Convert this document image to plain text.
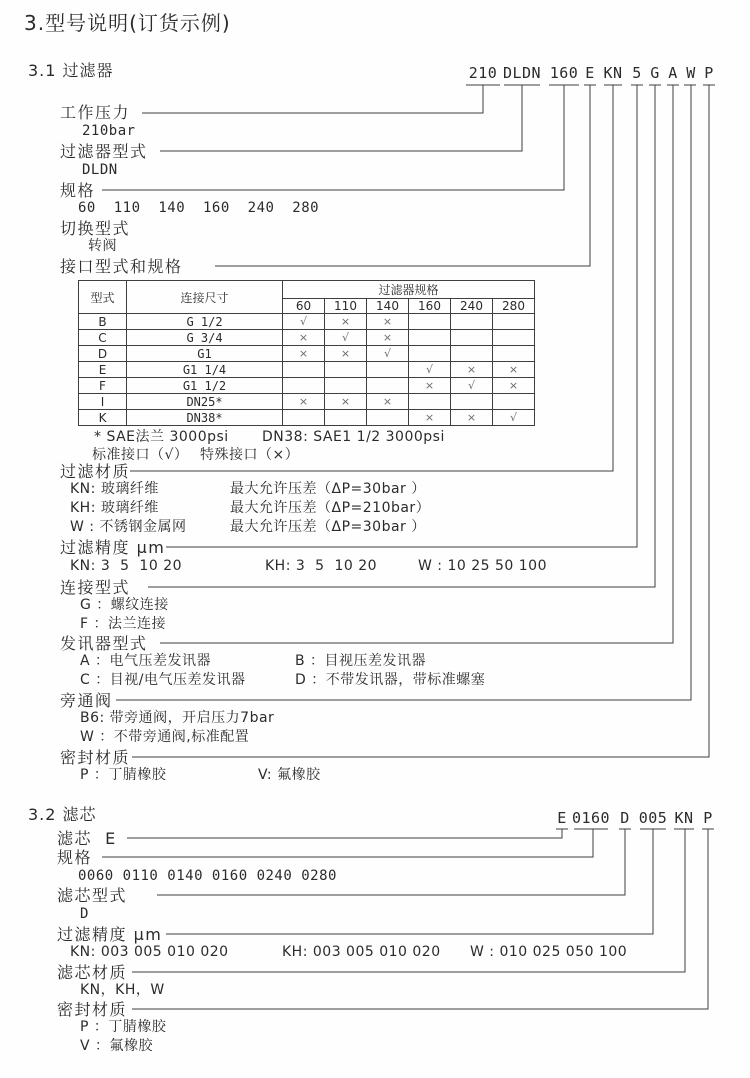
3.型号说明(订货示例)
3.1 过滤器	210 DLDN 160 E KN 5 G A W P
工作压力
210bar
过滤器型式
DLDN
规格
60  110  140  160  240  280
切换型式
转阀
接口型式和规格
型式	连接尺寸	过滤器规格					
		60	110	140	160	240	280
B	G 1/2	√	×	×			
C	G 3/4	×	√	×			
D	G1	×	×	√			
E	G1 1/4				√	×	×
F	G1 1/2				×	√	×
I	DN25*	×	×	×			
K	DN38*				×	×	√
* SAE法兰 3000psi DN38: SAE1 1/2 3000psi
标准接口（√） 特殊接口（×）
过滤材质
KN: 玻璃纤维	最大允许压差（ΔP=30bar ）
KH: 玻璃纤维	最大允许压差（ΔP=210bar）
W : 不锈钢金属网	最大允许压差（ΔP=30bar ）
过滤精度 μm
KN: 3  5  10 20	KH: 3  5  10 20	W : 10 25 50 100
连接型式
G ：螺纹连接
F ：法兰连接
发讯器型式
A ：电气压差发讯器	B ：目视压差发讯器
C ：目视/电气压差发讯器	D ：不带发讯器，带标准螺塞
旁通阀
B6: 带旁通阀，开启压力7bar
W ：不带旁通阀,标准配置
密封材质
P ：丁腈橡胶	V: 氟橡胶
3.2 滤芯	E 0160 D 005 KN P
滤芯  E
规格
0060 0110 0140 0160 0240 0280
滤芯型式
D
过滤精度 μm
KN: 003 005 010 020	KH: 003 005 010 020 W : 010 025 050 100
滤芯材质
KN，KH，W
密封材质
P ：丁腈橡胶
V ：氟橡胶
